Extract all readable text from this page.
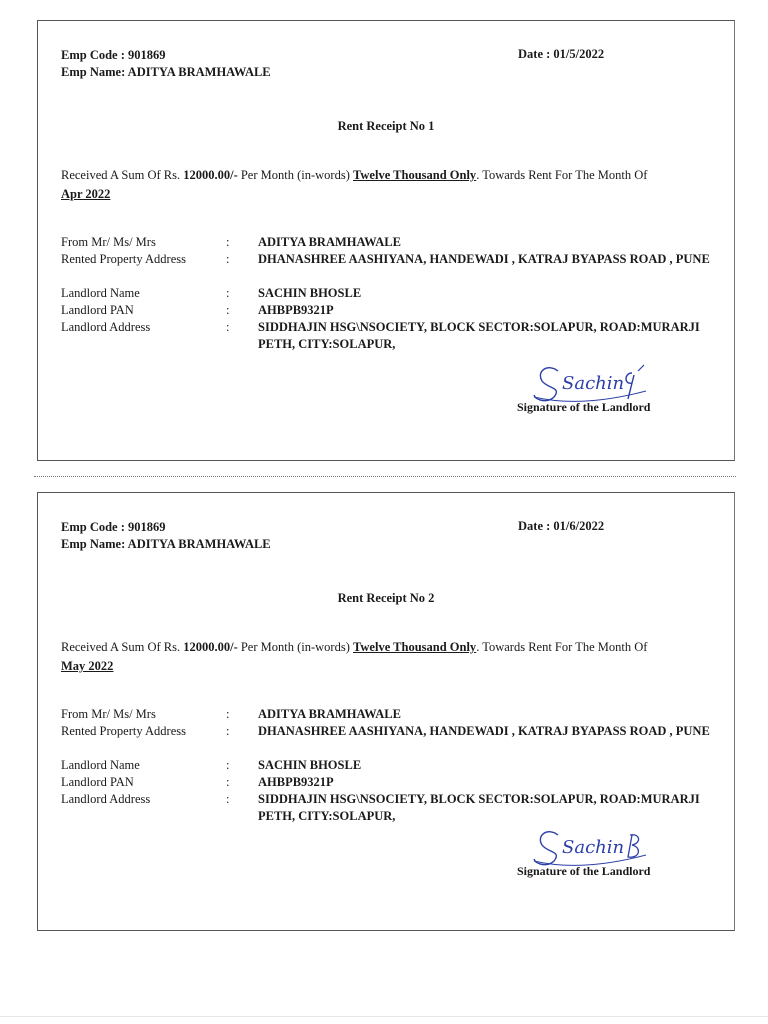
Emp Code : 901869
Emp Name: ADITYA BRAMHAWALE
Date : 01/5/2022
Rent Receipt No 1
Received A Sum Of Rs. 12000.00/- Per Month (in-words) Twelve Thousand Only. Towards Rent For The Month Of
Apr 2022
From Mr/ Ms/ Mrs	: ADITYA BRAMHAWALE
Rented Property Address	: DHANASHREE AASHIYANA, HANDEWADI , KATRAJ BYAPASS ROAD , PUNE
Landlord Name	: SACHIN BHOSLE
Landlord PAN	: AHBPB9321P
Landlord Address	: SIDDHAJIN HSG\NSOCIETY, BLOCK SECTOR:SOLAPUR, ROAD:MURARJI PETH, CITY:SOLAPUR,
Sachin
Signature of the Landlord
Emp Code : 901869
Emp Name: ADITYA BRAMHAWALE
Date : 01/6/2022
Rent Receipt No 2
Received A Sum Of Rs. 12000.00/- Per Month (in-words) Twelve Thousand Only. Towards Rent For The Month Of
May 2022
From Mr/ Ms/ Mrs	: ADITYA BRAMHAWALE
Rented Property Address	: DHANASHREE AASHIYANA, HANDEWADI , KATRAJ BYAPASS ROAD , PUNE
Landlord Name	: SACHIN BHOSLE
Landlord PAN	: AHBPB9321P
Landlord Address	: SIDDHAJIN HSG\NSOCIETY, BLOCK SECTOR:SOLAPUR, ROAD:MURARJI PETH, CITY:SOLAPUR,
Sachin
Signature of the Landlord
